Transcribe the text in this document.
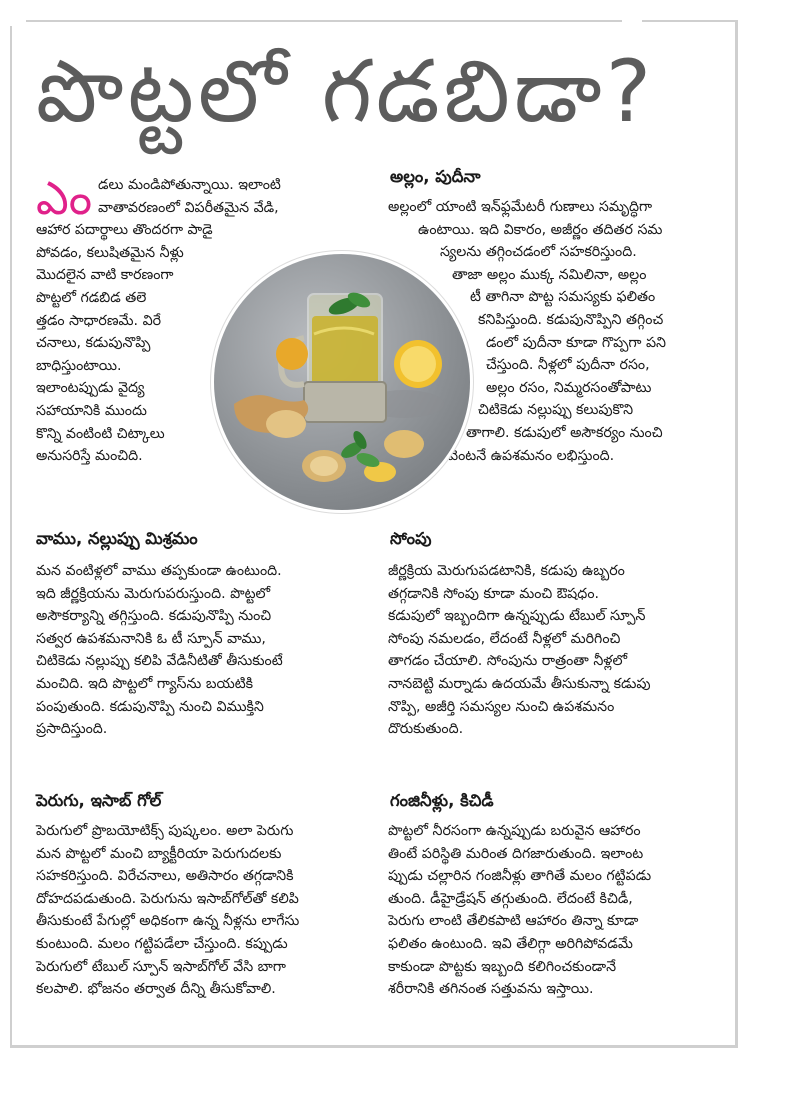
పొట్టలో గడబిడా?
ఎం డలు మండిపోతున్నాయి. ఇలాంటి
వాతావరణంలో విపరీతమైన వేడి,
ఆహార పదార్థాలు తొందరగా పాడై
పోవడం, కలుషితమైన నీళ్లు
మొదలైన వాటి కారణంగా
పొట్టలో గడబిడ తలె
త్తడం సాధారణమే. విరే
చనాలు, కడుపునొప్పి
బాధిస్తుంటాయి.
ఇలాంటప్పుడు వైద్య
సహాయానికి ముందు
కొన్ని వంటింటి చిట్కాలు
అనుసరిస్తే మంచిది.
అల్లం, పుదీనా
అల్లంలో యాంటి ఇన్‌ఫ్లమేటరీ గుణాలు సమృద్ధిగా
ఉంటాయి. ఇది వికారం, అజీర్ణం తదితర సమ
స్యలను తగ్గించడంలో సహకరిస్తుంది.
తాజా అల్లం ముక్క నమిలినా, అల్లం
టీ తాగినా పొట్ట సమస్యకు ఫలితం
కనిపిస్తుంది. కడుపునొప్పిని తగ్గించ
డంలో పుదీనా కూడా గొప్పగా పని
చేస్తుంది. నీళ్లలో పుదీనా రసం,
అల్లం రసం, నిమ్మరసంతోపాటు
చిటికెడు నల్లుప్పు కలుపుకొని
తాగాలి. కడుపులో అసౌకర్యం నుంచి
వెంటనే ఉపశమనం లభిస్తుంది.
వాము, నల్లుప్పు మిశ్రమం
మన వంటిళ్లలో వాము తప్పకుండా ఉంటుంది.
ఇది జీర్ణక్రియను మెరుగుపరుస్తుంది. పొట్టలో
అసౌకర్యాన్ని తగ్గిస్తుంది. కడుపునొప్పి నుంచి
సత్వర ఉపశమనానికి ఓ టీ స్పూన్ వాము,
చిటికెడు నల్లుప్పు కలిపి వేడినీటితో తీసుకుంటే
మంచిది. ఇది పొట్టలో గ్యాస్‌ను బయటికి
పంపుతుంది. కడుపునొప్పి నుంచి విముక్తిని
ప్రసాదిస్తుంది.
సోంపు
జీర్ణక్రియ మెరుగుపడటానికి, కడుపు ఉబ్బరం
తగ్గడానికి సోంపు కూడా మంచి ఔషధం.
కడుపులో ఇబ్బందిగా ఉన్నప్పుడు టేబుల్ స్పూన్
సోంపు నమలడం, లేదంటే నీళ్లలో మరిగించి
తాగడం చేయాలి. సోంపును రాత్రంతా నీళ్లలో
నానబెట్టి మర్నాడు ఉదయమే తీసుకున్నా కడుపు
నొప్పి, అజీర్తి సమస్యల నుంచి ఉపశమనం
దొరుకుతుంది.
పెరుగు, ఇసాబ్ గోల్
పెరుగులో ప్రొబయోటిక్స్ పుష్కలం. అలా పెరుగు
మన పొట్టలో మంచి బ్యాక్టీరియా పెరుగుదలకు
సహకరిస్తుంది. విరేచనాలు, అతిసారం తగ్గడానికి
దోహదపడుతుంది. పెరుగును ఇసాబ్‌గోల్‌తో కలిపి
తీసుకుంటే పేగుల్లో అధికంగా ఉన్న నీళ్లను లాగేసు
కుంటుంది. మలం గట్టిపడేలా చేస్తుంది. కప్పుడు
పెరుగులో టేబుల్ స్పూన్ ఇసాబ్‌గోల్ వేసి బాగా
కలపాలి. భోజనం తర్వాత దీన్ని తీసుకోవాలి.
గంజినీళ్లు, కిచిడీ
పొట్టలో నీరసంగా ఉన్నప్పుడు బరువైన ఆహారం
తింటే పరిస్థితి మరింత దిగజారుతుంది. ఇలాంట
ప్పుడు చల్లారిన గంజినీళ్లు తాగితే మలం గట్టిపడు
తుంది. డీహైడ్రేషన్ తగ్గుతుంది. లేదంటే కిచిడీ,
పెరుగు లాంటి తేలికపాటి ఆహారం తిన్నా కూడా
ఫలితం ఉంటుంది. ఇవి తేలిగ్గా అరిగిపోవడమే
కాకుండా పొట్టకు ఇబ్బంది కలిగించకుండానే
శరీరానికి తగినంత సత్తువను ఇస్తాయి.
